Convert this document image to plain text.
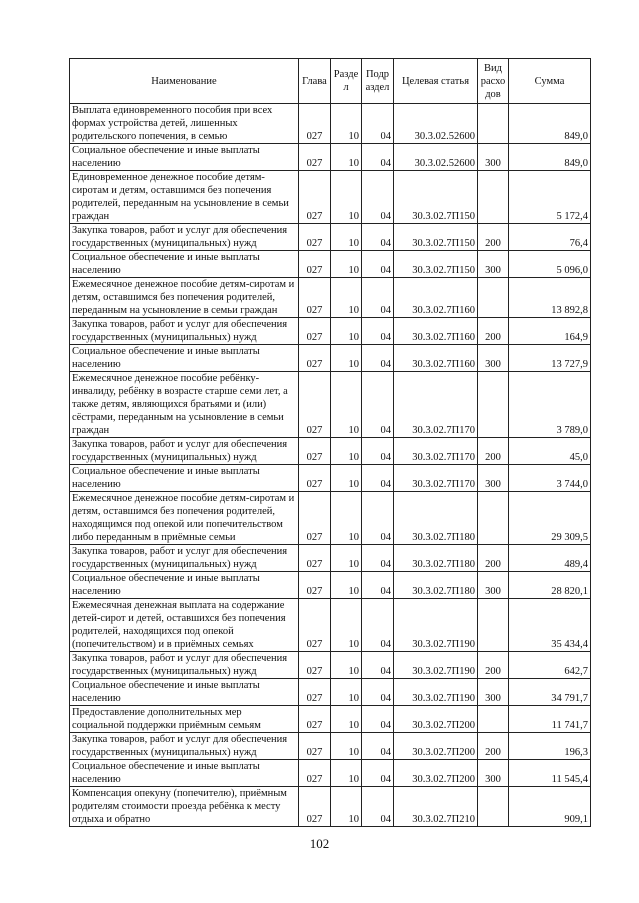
Наименование	Глава	Разде л	Подр аздел	Целевая статья	Вид расхо дов	Сумма
Выплата единовременного пособия при всех формах устройства детей, лишенных родительского попечения, в семью	027	10	04	30.3.02.52600		849,0
Социальное обеспечение и иные выплаты населению	027	10	04	30.3.02.52600	300	849,0
Единовременное денежное пособие детям-сиротам и детям, оставшимся без попечения родителей, переданным на усыновление в семьи граждан	027	10	04	30.3.02.7П150		5 172,4
Закупка товаров, работ и услуг для обеспечения государственных (муниципальных) нужд	027	10	04	30.3.02.7П150	200	76,4
Социальное обеспечение и иные выплаты населению	027	10	04	30.3.02.7П150	300	5 096,0
Ежемесячное денежное пособие детям-сиротам и детям, оставшимся без попечения родителей, переданным на усыновление в семьи граждан	027	10	04	30.3.02.7П160		13 892,8
Закупка товаров, работ и услуг для обеспечения государственных (муниципальных) нужд	027	10	04	30.3.02.7П160	200	164,9
Социальное обеспечение и иные выплаты населению	027	10	04	30.3.02.7П160	300	13 727,9
Ежемесячное денежное пособие ребёнку-инвалиду, ребёнку в возрасте старше семи лет, а также детям, являющихся братьями и (или) сёстрами, переданным на усыновление в семьи граждан	027	10	04	30.3.02.7П170		3 789,0
Закупка товаров, работ и услуг для обеспечения государственных (муниципальных) нужд	027	10	04	30.3.02.7П170	200	45,0
Социальное обеспечение и иные выплаты населению	027	10	04	30.3.02.7П170	300	3 744,0
Ежемесячное денежное пособие детям-сиротам и детям, оставшимся без попечения родителей, находящимся под опекой или попечительством либо переданным в приёмные семьи	027	10	04	30.3.02.7П180		29 309,5
Закупка товаров, работ и услуг для обеспечения государственных (муниципальных) нужд	027	10	04	30.3.02.7П180	200	489,4
Социальное обеспечение и иные выплаты населению	027	10	04	30.3.02.7П180	300	28 820,1
Ежемесячная денежная выплата на содержание детей-сирот и детей, оставшихся без попечения родителей, находящихся под опекой (попечительством) и в приёмных семьях	027	10	04	30.3.02.7П190		35 434,4
Закупка товаров, работ и услуг для обеспечения государственных (муниципальных) нужд	027	10	04	30.3.02.7П190	200	642,7
Социальное обеспечение и иные выплаты населению	027	10	04	30.3.02.7П190	300	34 791,7
Предоставление дополнительных мер социальной поддержки приёмным семьям	027	10	04	30.3.02.7П200		11 741,7
Закупка товаров, работ и услуг для обеспечения государственных (муниципальных) нужд	027	10	04	30.3.02.7П200	200	196,3
Социальное обеспечение и иные выплаты населению	027	10	04	30.3.02.7П200	300	11 545,4
Компенсация опекуну (попечителю), приёмным родителям стоимости проезда ребёнка к месту отдыха и обратно	027	10	04	30.3.02.7П210		909,1
102
